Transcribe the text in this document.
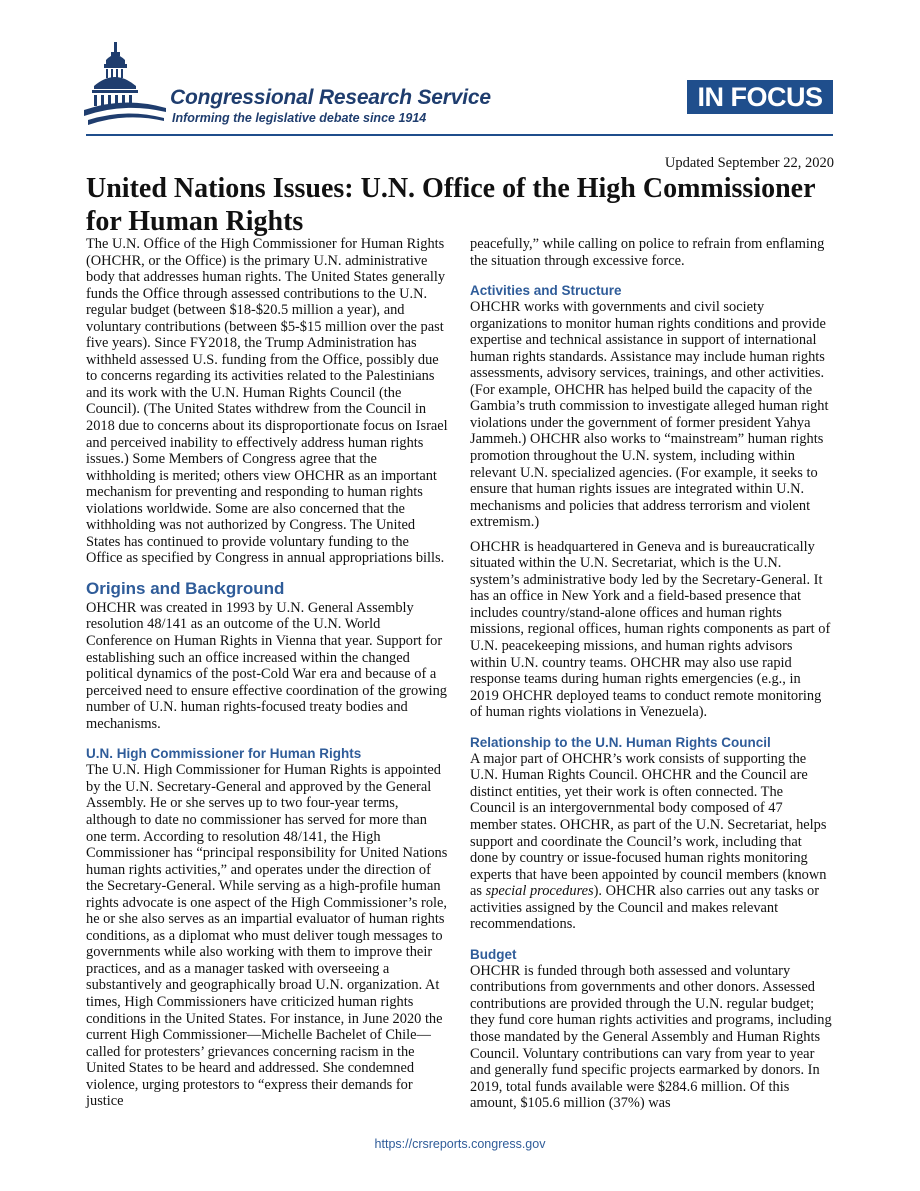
Congressional Research Service
Informing the legislative debate since 1914
IN FOCUS
Updated September 22, 2020
United Nations Issues: U.N. Office of the High Commissioner for Human Rights

The U.N. Office of the High Commissioner for Human Rights (OHCHR, or the Office) is the primary U.N. administrative body that addresses human rights. The United States generally funds the Office through assessed contributions to the U.N. regular budget (between $18-$20.5 million a year), and voluntary contributions (between $5-$15 million over the past five years). Since FY2018, the Trump Administration has withheld assessed U.S. funding from the Office, possibly due to concerns regarding its activities related to the Palestinians and its work with the U.N. Human Rights Council (the Council). (The United States withdrew from the Council in 2018 due to concerns about its disproportionate focus on Israel and perceived inability to effectively address human rights issues.) Some Members of Congress agree that the withholding is merited; others view OHCHR as an important mechanism for preventing and responding to human rights violations worldwide. Some are also concerned that the withholding was not authorized by Congress. The United States has continued to provide voluntary funding to the Office as specified by Congress in annual appropriations bills.

Origins and Background

OHCHR was created in 1993 by U.N. General Assembly resolution 48/141 as an outcome of the U.N. World Conference on Human Rights in Vienna that year. Support for establishing such an office increased within the changed political dynamics of the post-Cold War era and because of a perceived need to ensure effective coordination of the growing number of U.N. human rights-focused treaty bodies and mechanisms.

U.N. High Commissioner for Human Rights

The U.N. High Commissioner for Human Rights is appointed by the U.N. Secretary-General and approved by the General Assembly. He or she serves up to two four-year terms, although to date no commissioner has served for more than one term. According to resolution 48/141, the High Commissioner has “principal responsibility for United Nations human rights activities,” and operates under the direction of the Secretary-General. While serving as a high-profile human rights advocate is one aspect of the High Commissioner’s role, he or she also serves as an impartial evaluator of human rights conditions, as a diplomat who must deliver tough messages to governments while also working with them to improve their practices, and as a manager tasked with overseeing a substantively and geographically broad U.N. organization. At times, High Commissioners have criticized human rights conditions in the United States. For instance, in June 2020 the current High Commissioner—Michelle Bachelet of Chile—called for protesters’ grievances concerning racism in the United States to be heard and addressed. She condemned violence, urging protestors to “express their demands for justice

peacefully,” while calling on police to refrain from enflaming the situation through excessive force.

Activities and Structure

OHCHR works with governments and civil society organizations to monitor human rights conditions and provide expertise and technical assistance in support of international human rights standards. Assistance may include human rights assessments, advisory services, trainings, and other activities. (For example, OHCHR has helped build the capacity of the Gambia’s truth commission to investigate alleged human right violations under the government of former president Yahya Jammeh.) OHCHR also works to “mainstream” human rights promotion throughout the U.N. system, including within relevant U.N. specialized agencies. (For example, it seeks to ensure that human rights issues are integrated within U.N. mechanisms and policies that address terrorism and violent extremism.)

OHCHR is headquartered in Geneva and is bureaucratically situated within the U.N. Secretariat, which is the U.N. system’s administrative body led by the Secretary-General. It has an office in New York and a field-based presence that includes country/stand-alone offices and human rights missions, regional offices, human rights components as part of U.N. peacekeeping missions, and human rights advisors within U.N. country teams. OHCHR may also use rapid response teams during human rights emergencies (e.g., in 2019 OHCHR deployed teams to conduct remote monitoring of human rights violations in Venezuela).

Relationship to the U.N. Human Rights Council

A major part of OHCHR’s work consists of supporting the U.N. Human Rights Council. OHCHR and the Council are distinct entities, yet their work is often connected. The Council is an intergovernmental body composed of 47 member states. OHCHR, as part of the U.N. Secretariat, helps support and coordinate the Council’s work, including that done by country or issue-focused human rights monitoring experts that have been appointed by council members (known as special procedures). OHCHR also carries out any tasks or activities assigned by the Council and makes relevant recommendations.

Budget

OHCHR is funded through both assessed and voluntary contributions from governments and other donors. Assessed contributions are provided through the U.N. regular budget; they fund core human rights activities and programs, including those mandated by the General Assembly and Human Rights Council. Voluntary contributions can vary from year to year and generally fund specific projects earmarked by donors. In 2019, total funds available were $284.6 million. Of this amount, $105.6 million (37%) was

https://crsreports.congress.gov
